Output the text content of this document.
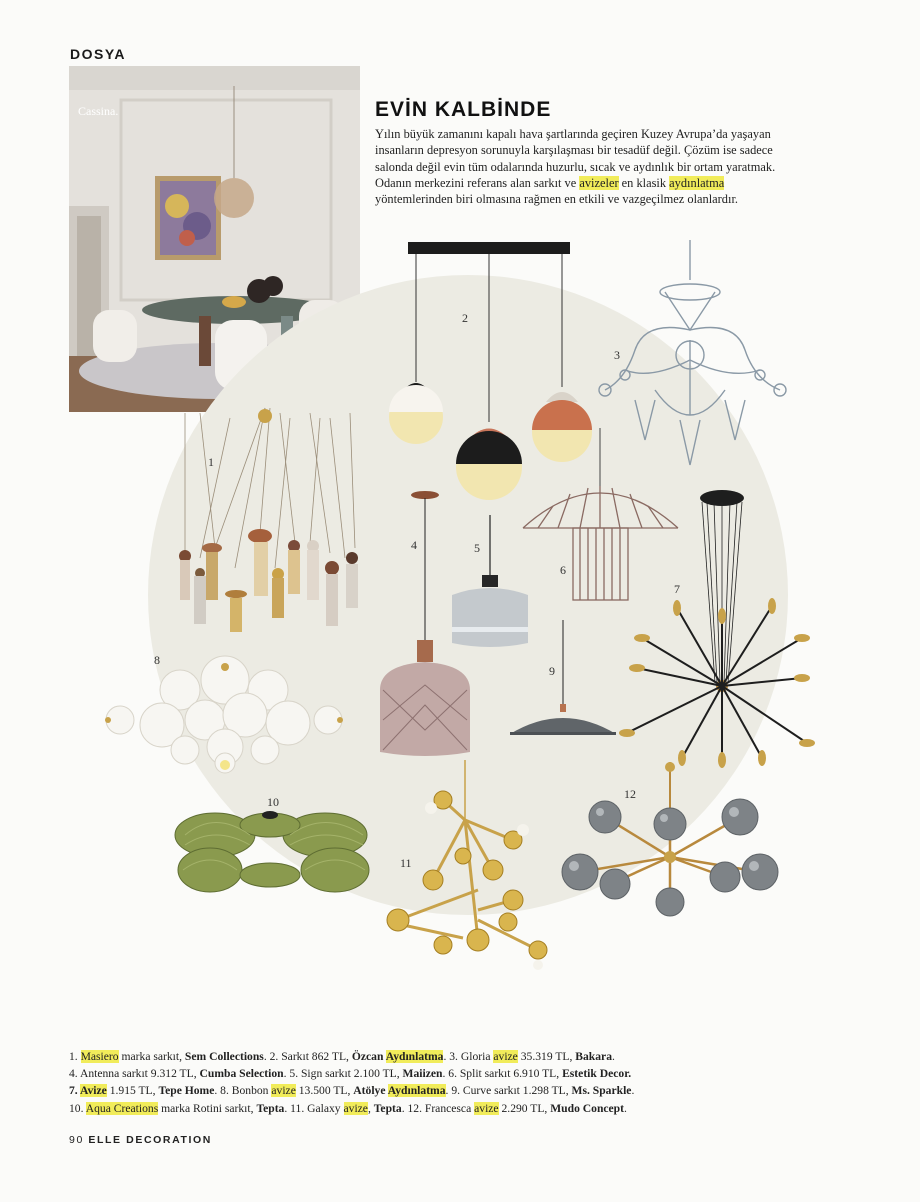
DOSYA
Cassina.	EVİN KALBİNDE

Yılın büyük zamanını kapalı hava şartlarında geçiren Kuzey Avrupa’da yaşayan insanların depresyon sorunuyla karşılaşması bir tesadüf değil. Çözüm ise sadece salonda değil evin tüm odalarında huzurlu, sıcak ve aydınlık bir ortam yaratmak. Odanın merkezini referans alan sarkıt ve avizeler en klasik aydınlatma yöntemlerinden biri olmasına rağmen en etkili ve vazgeçilmez olanlardır.

1
2
3
4	5
6
7
8
9
10
11
12
1. Masiero marka sarkıt, Sem Collections. 2. Sarkıt 862 TL, Özcan Aydınlatma. 3. Gloria avize 35.319 TL, Bakara.
4. Antenna sarkıt 9.312 TL, Cumba Selection. 5. Sign sarkıt 2.100 TL, Maiizen. 6. Split sarkıt 6.910 TL, Estetik Decor.
7. Avize 1.915 TL, Tepe Home. 8. Bonbon avize 13.500 TL, Atölye Aydınlatma. 9. Curve sarkıt 1.298 TL, Ms. Sparkle.
10. Aqua Creations marka Rotini sarkıt, Tepta. 11. Galaxy avize, Tepta. 12. Francesca avize 2.290 TL, Mudo Concept.
90 ELLE DECORATION
